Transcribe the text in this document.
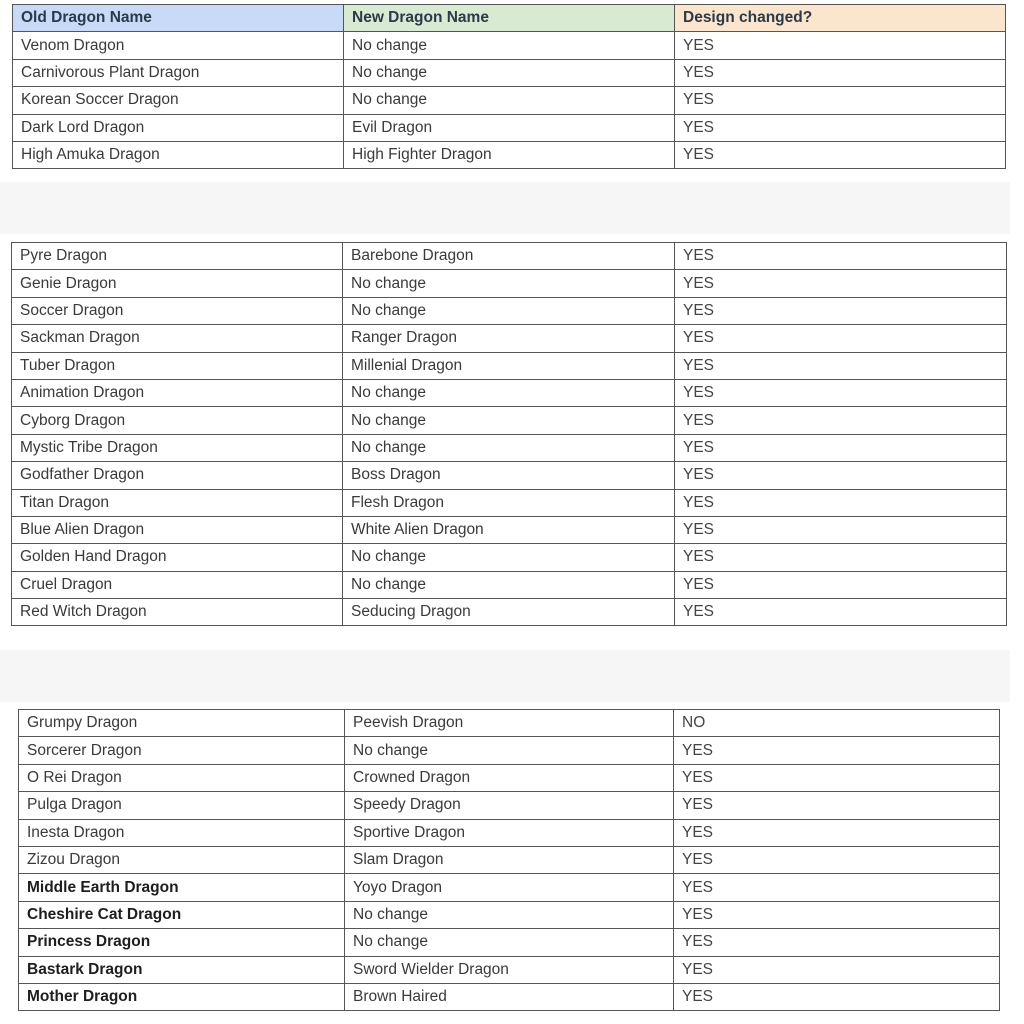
Old Dragon Name	New Dragon Name	Design changed?
Venom Dragon	No change	YES
Carnivorous Plant Dragon	No change	YES
Korean Soccer Dragon	No change	YES
Dark Lord Dragon	Evil Dragon	YES
High Amuka Dragon	High Fighter Dragon	YES
Pyre Dragon	Barebone Dragon	YES
Genie Dragon	No change	YES
Soccer Dragon	No change	YES
Sackman Dragon	Ranger Dragon	YES
Tuber Dragon	Millenial Dragon	YES
Animation Dragon	No change	YES
Cyborg Dragon	No change	YES
Mystic Tribe Dragon	No change	YES
Godfather Dragon	Boss Dragon	YES
Titan Dragon	Flesh Dragon	YES
Blue Alien Dragon	White Alien Dragon	YES
Golden Hand Dragon	No change	YES
Cruel Dragon	No change	YES
Red Witch Dragon	Seducing Dragon	YES
Grumpy Dragon	Peevish Dragon	NO
Sorcerer Dragon	No change	YES
O Rei Dragon	Crowned Dragon	YES
Pulga Dragon	Speedy Dragon	YES
Inesta Dragon	Sportive Dragon	YES
Zizou Dragon	Slam Dragon	YES
Middle Earth Dragon	Yoyo Dragon	YES
Cheshire Cat Dragon	No change	YES
Princess Dragon	No change	YES
Bastark Dragon	Sword Wielder Dragon	YES
Mother Dragon	Brown Haired	YES
